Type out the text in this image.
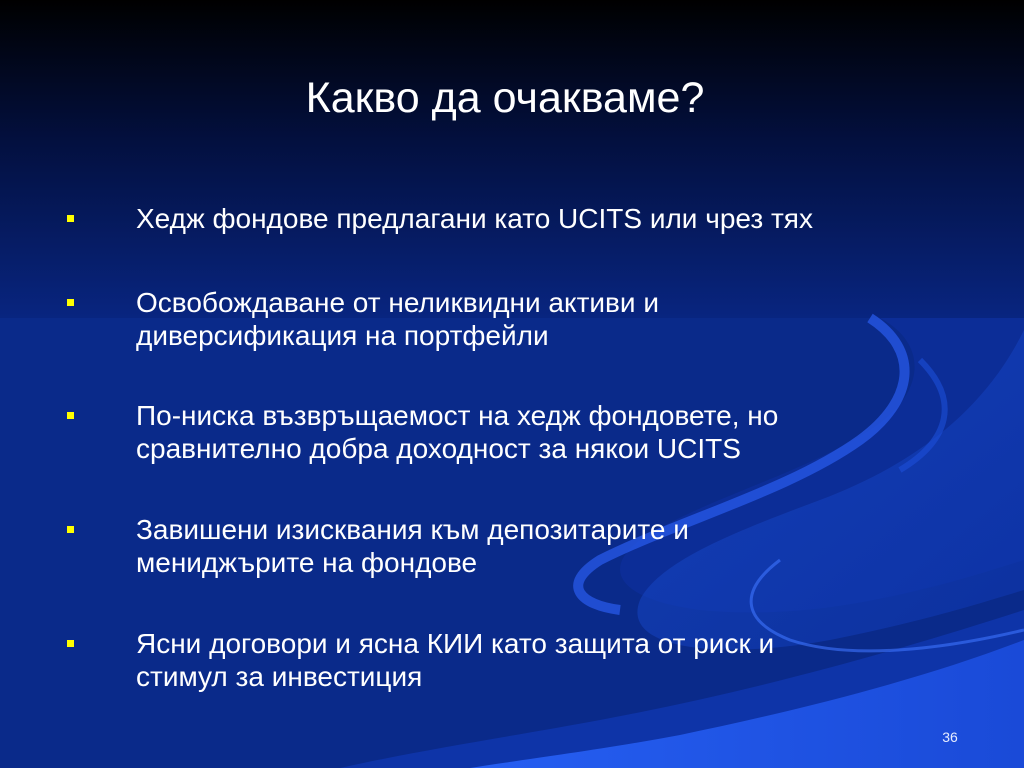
Какво да очакваме?
Хедж фондове предлагани като UCITS или чрез тях
Освобождаване от неликвидни активи и
диверсификация на портфейли
По-ниска възвръщаемост на хедж фондовете, но
сравнително добра доходност за някои UCITS
Завишени изисквания към депозитарите и
мениджърите на фондове
Ясни договори и ясна КИИ като защита от риск и
стимул за инвестиция
36
